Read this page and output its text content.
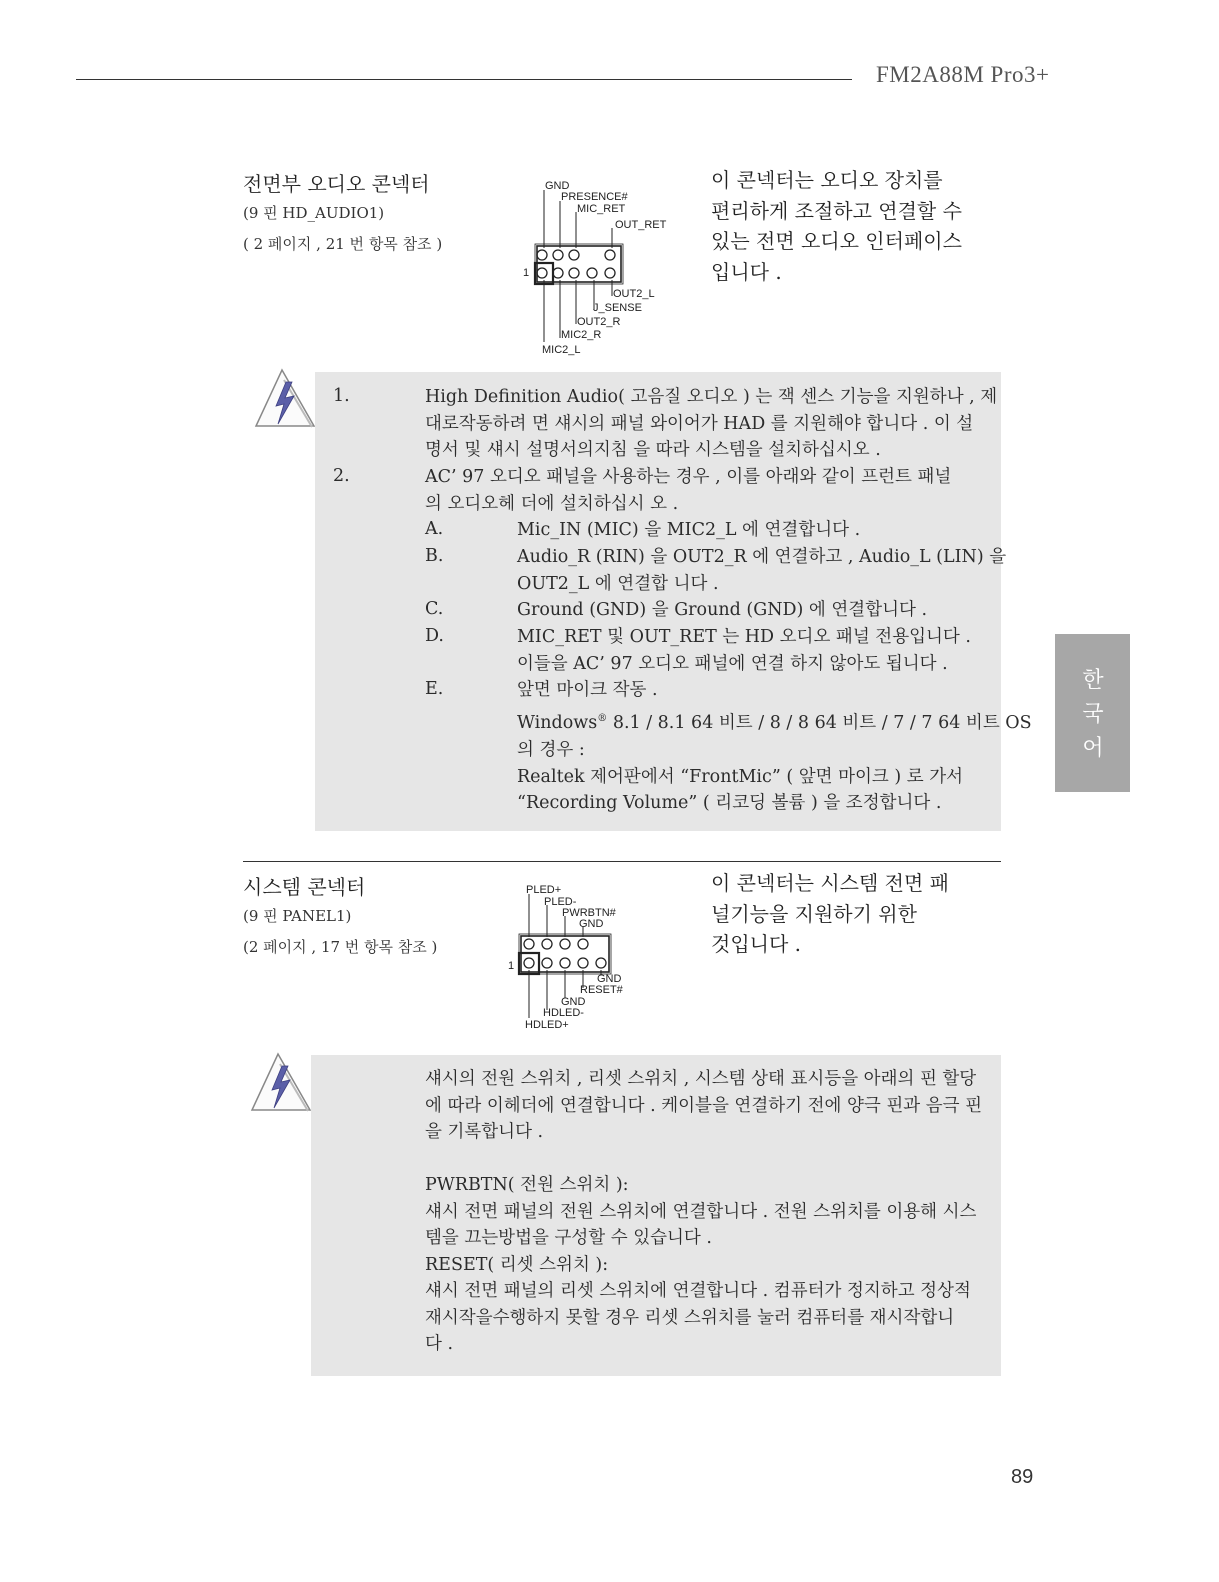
FM2A88M Pro3+
전면부 오디오 콘넥터
(9 핀 HD_AUDIO1)
( 2 페이지 , 21 번 항목 참조 )
GND
PRESENCE#
MIC_RET
OUT_RET
OUT2_L
J_SENSE
OUT2_R
MIC2_R
MIC2_L
1
이 콘넥터는 오디오 장치를
편리하게 조절하고 연결할 수
있는 전면 오디오 인터페이스
입니다 .
1.	High Definition Audio( 고음질 오디오 ) 는 잭 센스 기능을 지원하나 , 제
대로작동하려 면 섀시의 패널 와이어가 HAD 를 지원해야 합니다 . 이 설
명서 및 섀시 설명서의지침 을 따라 시스템을 설치하십시오 .
2.	AC’ 97 오디오 패널을 사용하는 경우 , 이를 아래와 같이 프런트 패널
의 오디오헤 더에 설치하십시 오 .
A.	Mic_IN (MIC) 을 MIC2_L 에 연결합니다 .
B.	Audio_R (RIN) 을 OUT2_R 에 연결하고 , Audio_L (LIN) 을
OUT2_L 에 연결합 니다 .
C.	Ground (GND) 을 Ground (GND) 에 연결합니다 .
D.	MIC_RET 및 OUT_RET 는 HD 오디오 패널 전용입니다 .
이들을 AC’ 97 오디오 패널에 연결 하지 않아도 됩니다 .
E.	앞면 마이크 작동 .
Windows® 8.1 / 8.1 64 비트 / 8 / 8 64 비트 / 7 / 7 64 비트 OS
의 경우 :
Realtek 제어판에서 “FrontMic” ( 앞면 마이크 ) 로 가서
“Recording Volume” ( 리코딩 볼륨 ) 을 조정합니다 .
시스템 콘넥터
(9 핀 PANEL1)
(2 페이지 , 17 번 항목 참조 )
PLED+
PLED-
PWRBTN#
GND
GND
RESET#
GND
HDLED-
HDLED+
1
이 콘넥터는 시스템 전면 패
널기능을 지원하기 위한
것입니다 .
섀시의 전원 스위치 , 리셋 스위치 , 시스템 상태 표시등을 아래의 핀 할당
에 따라 이헤더에 연결합니다 . 케이블을 연결하기 전에 양극 핀과 음극 핀
을 기록합니다 .
PWRBTN( 전원 스위치 ):
섀시 전면 패널의 전원 스위치에 연결합니다 . 전원 스위치를 이용해 시스
템을 끄는방법을 구성할 수 있습니다 .
RESET( 리셋 스위치 ):
섀시 전면 패널의 리셋 스위치에 연결합니다 . 컴퓨터가 정지하고 정상적
재시작을수행하지 못할 경우 리셋 스위치를 눌러 컴퓨터를 재시작합니
다 .
한국어
89
